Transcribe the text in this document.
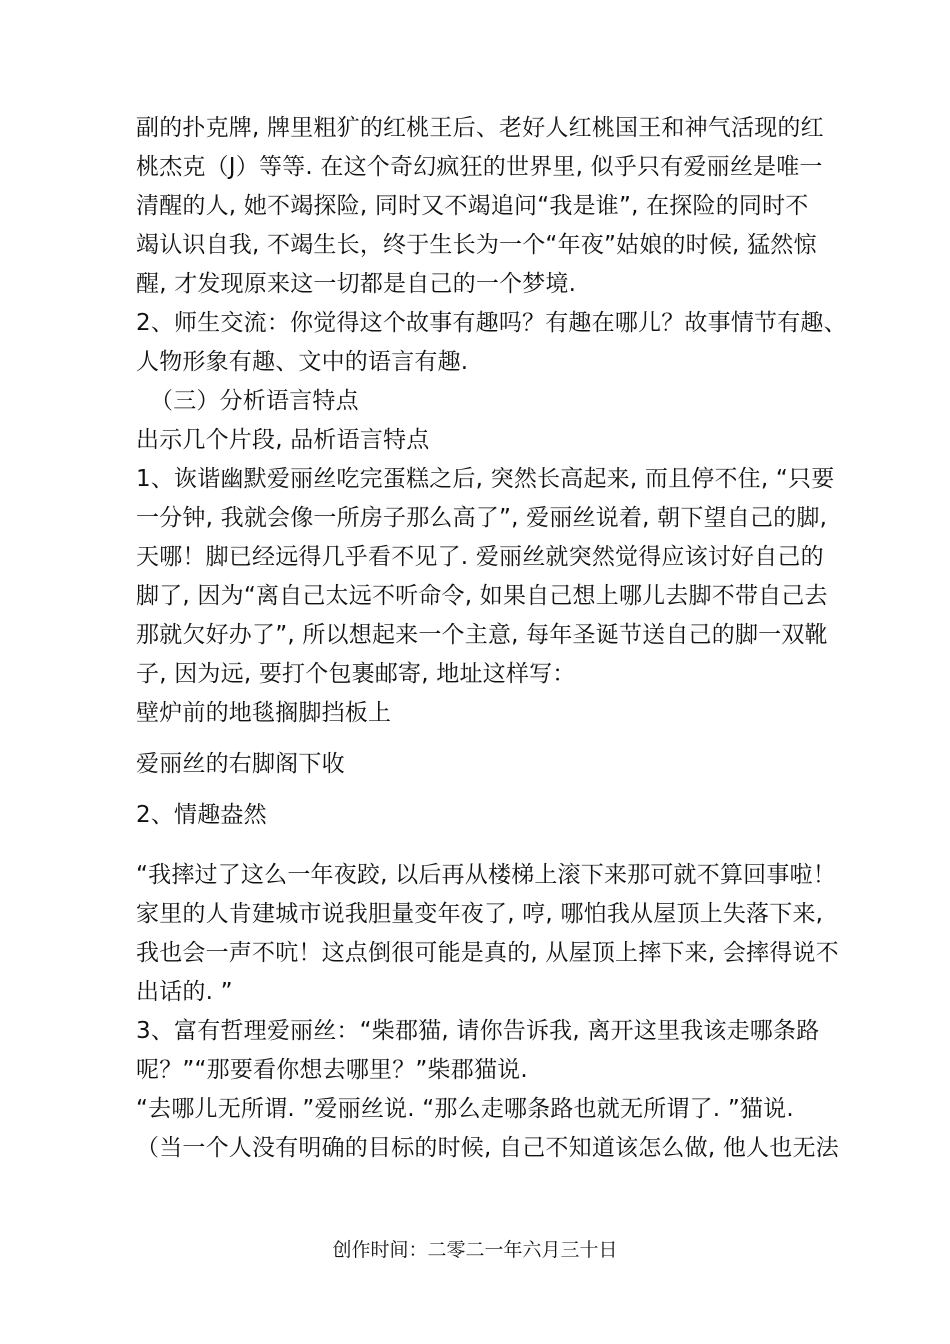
副的扑克牌, 牌里粗犷的红桃王后、老好人红桃国王和神气活现的红
桃杰克（J）等等. 在这个奇幻疯狂的世界里, 似乎只有爱丽丝是唯一
清醒的人, 她不竭探险, 同时又不竭追问“我是谁”, 在探险的同时不
竭认识自我, 不竭生长，终于生长为一个“年夜”姑娘的时候, 猛然惊
醒, 才发现原来这一切都是自己的一个梦境.
2、师生交流：你觉得这个故事有趣吗？有趣在哪儿？故事情节有趣、
人物形象有趣、文中的语言有趣.
（三）分析语言特点
出示几个片段, 品析语言特点
1、诙谐幽默爱丽丝吃完蛋糕之后, 突然长高起来, 而且停不住, “只要
一分钟, 我就会像一所房子那么高了”, 爱丽丝说着, 朝下望自己的脚,
天哪！脚已经远得几乎看不见了. 爱丽丝就突然觉得应该讨好自己的
脚了, 因为“离自己太远不听命令, 如果自己想上哪儿去脚不带自己去
那就欠好办了”, 所以想起来一个主意, 每年圣诞节送自己的脚一双靴
子, 因为远, 要打个包裹邮寄, 地址这样写：
壁炉前的地毯搁脚挡板上
爱丽丝的右脚阁下收
2、情趣盎然
“我摔过了这么一年夜跤, 以后再从楼梯上滚下来那可就不算回事啦！
家里的人肯建城市说我胆量变年夜了, 哼, 哪怕我从屋顶上失落下来,
我也会一声不吭！这点倒很可能是真的, 从屋顶上摔下来, 会摔得说不
出话的. ”
3、富有哲理爱丽丝：“柴郡猫, 请你告诉我, 离开这里我该走哪条路
呢？”“那要看你想去哪里？”柴郡猫说.
“去哪儿无所谓. ”爱丽丝说. “那么走哪条路也就无所谓了. ”猫说.
（当一个人没有明确的目标的时候, 自己不知道该怎么做, 他人也无法
创作时间：二零二一年六月三十日
